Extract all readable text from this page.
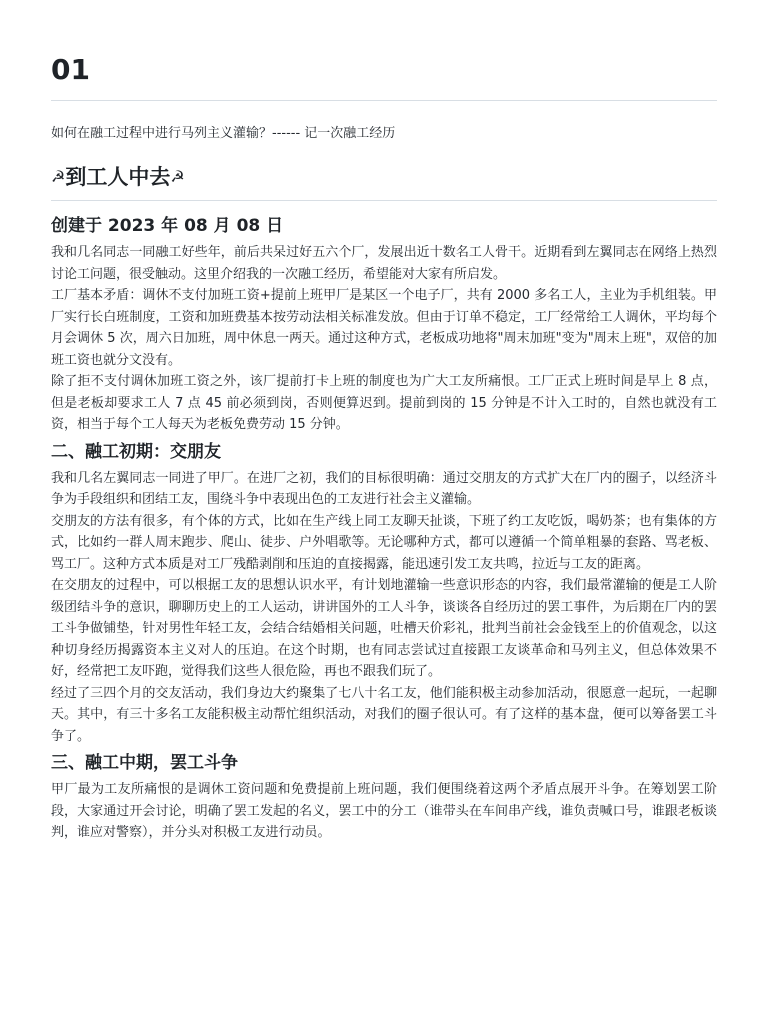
01

如何在融工过程中进行马列主义灌输？------ 记一次融工经历

☭到工人中去☭
创建于 2023 年 08 月 08 日

我和几名同志一同融工好些年，前后共呆过好五六个厂，发展出近十数名工人骨干。近期看到左翼同志在网络上热烈讨论工问题，很受触动。这里介绍我的一次融工经历，希望能对大家有所启发。

工厂基本矛盾：调休不支付加班工资+提前上班甲厂是某区一个电子厂，共有 2000 多名工人，主业为手机组装。甲厂实行长白班制度，工资和加班费基本按劳动法相关标准发放。但由于订单不稳定，工厂经常给工人调休，平均每个月会调休 5 次，周六日加班，周中休息一两天。通过这种方式，老板成功地将"周末加班"变为"周末上班"，双倍的加班工资也就分文没有。

除了拒不支付调休加班工资之外，该厂提前打卡上班的制度也为广大工友所痛恨。工厂正式上班时间是早上 8 点，但是老板却要求工人 7 点 45 前必须到岗，否则便算迟到。提前到岗的 15 分钟是不计入工时的，自然也就没有工资，相当于每个工人每天为老板免费劳动 15 分钟。

二、融工初期：交朋友

我和几名左翼同志一同进了甲厂。在进厂之初，我们的目标很明确：通过交朋友的方式扩大在厂内的圈子，以经济斗争为手段组织和团结工友，围绕斗争中表现出色的工友进行社会主义灌输。

交朋友的方法有很多，有个体的方式，比如在生产线上同工友聊天扯谈，下班了约工友吃饭，喝奶茶；也有集体的方式，比如约一群人周末跑步、爬山、徒步、户外唱歌等。无论哪种方式，都可以遵循一个简单粗暴的套路、骂老板、骂工厂。这种方式本质是对工厂残酷剥削和压迫的直接揭露，能迅速引发工友共鸣，拉近与工友的距离。

在交朋友的过程中，可以根据工友的思想认识水平，有计划地灌输一些意识形态的内容，我们最常灌输的便是工人阶级团结斗争的意识，聊聊历史上的工人运动，讲讲国外的工人斗争，谈谈各自经历过的罢工事件，为后期在厂内的罢工斗争做铺垫，针对男性年轻工友，会结合结婚相关问题，吐槽天价彩礼，批判当前社会金钱至上的价值观念，以这种切身经历揭露资本主义对人的压迫。在这个时期，也有同志尝试过直接跟工友谈革命和马列主义，但总体效果不好，经常把工友吓跑，觉得我们这些人很危险，再也不跟我们玩了。

经过了三四个月的交友活动，我们身边大约聚集了七八十名工友，他们能积极主动参加活动，很愿意一起玩，一起聊天。其中，有三十多名工友能积极主动帮忙组织活动，对我们的圈子很认可。有了这样的基本盘，便可以筹备罢工斗争了。

三、融工中期，罢工斗争

甲厂最为工友所痛恨的是调休工资问题和免费提前上班问题，我们便围绕着这两个矛盾点展开斗争。在筹划罢工阶段，大家通过开会讨论，明确了罢工发起的名义，罢工中的分工（谁带头在车间串产线，谁负责喊口号，谁跟老板谈判，谁应对警察），并分头对积极工友进行动员。
